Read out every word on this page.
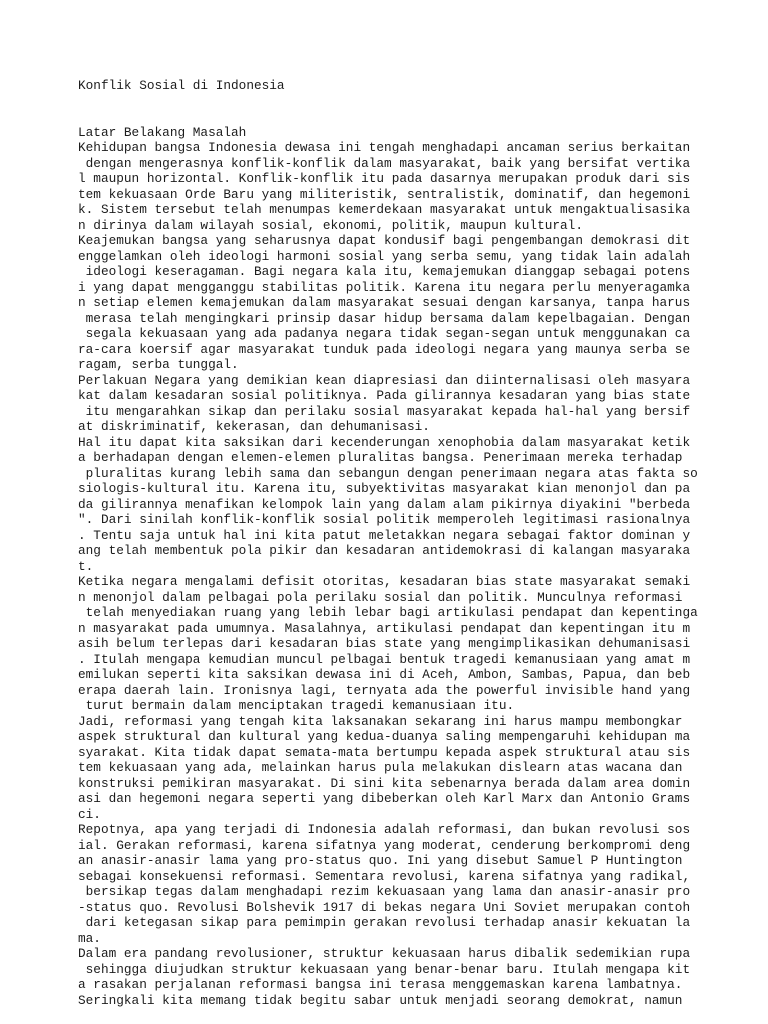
Konflik Sosial di Indonesia
Latar Belakang Masalah
Kehidupan bangsa Indonesia dewasa ini tengah menghadapi ancaman serius berkaitan
dengan mengerasnya konflik-konflik dalam masyarakat, baik yang bersifat vertika
l maupun horizontal. Konflik-konflik itu pada dasarnya merupakan produk dari sis
tem kekuasaan Orde Baru yang militeristik, sentralistik, dominatif, dan hegemoni
k. Sistem tersebut telah menumpas kemerdekaan masyarakat untuk mengaktualisasika
n dirinya dalam wilayah sosial, ekonomi, politik, maupun kultural.
Keajemukan bangsa yang seharusnya dapat kondusif bagi pengembangan demokrasi dit
enggelamkan oleh ideologi harmoni sosial yang serba semu, yang tidak lain adalah
ideologi keseragaman. Bagi negara kala itu, kemajemukan dianggap sebagai potens
i yang dapat mengganggu stabilitas politik. Karena itu negara perlu menyeragamka
n setiap elemen kemajemukan dalam masyarakat sesuai dengan karsanya, tanpa harus
merasa telah mengingkari prinsip dasar hidup bersama dalam kepelbagaian. Dengan
segala kekuasaan yang ada padanya negara tidak segan-segan untuk menggunakan ca
ra-cara koersif agar masyarakat tunduk pada ideologi negara yang maunya serba se
ragam, serba tunggal.
Perlakuan Negara yang demikian kean diapresiasi dan diinternalisasi oleh masyara
kat dalam kesadaran sosial politiknya. Pada gilirannya kesadaran yang bias state
itu mengarahkan sikap dan perilaku sosial masyarakat kepada hal-hal yang bersif
at diskriminatif, kekerasan, dan dehumanisasi.
Hal itu dapat kita saksikan dari kecenderungan xenophobia dalam masyarakat ketik
a berhadapan dengan elemen-elemen pluralitas bangsa. Penerimaan mereka terhadap
pluralitas kurang lebih sama dan sebangun dengan penerimaan negara atas fakta so
siologis-kultural itu. Karena itu, subyektivitas masyarakat kian menonjol dan pa
da gilirannya menafikan kelompok lain yang dalam alam pikirnya diyakini "berbeda
". Dari sinilah konflik-konflik sosial politik memperoleh legitimasi rasionalnya
. Tentu saja untuk hal ini kita patut meletakkan negara sebagai faktor dominan y
ang telah membentuk pola pikir dan kesadaran antidemokrasi di kalangan masyaraka
t.
Ketika negara mengalami defisit otoritas, kesadaran bias state masyarakat semaki
n menonjol dalam pelbagai pola perilaku sosial dan politik. Munculnya reformasi
telah menyediakan ruang yang lebih lebar bagi artikulasi pendapat dan kepentinga
n masyarakat pada umumnya. Masalahnya, artikulasi pendapat dan kepentingan itu m
asih belum terlepas dari kesadaran bias state yang mengimplikasikan dehumanisasi
. Itulah mengapa kemudian muncul pelbagai bentuk tragedi kemanusiaan yang amat m
emilukan seperti kita saksikan dewasa ini di Aceh, Ambon, Sambas, Papua, dan beb
erapa daerah lain. Ironisnya lagi, ternyata ada the powerful invisible hand yang
turut bermain dalam menciptakan tragedi kemanusiaan itu.
Jadi, reformasi yang tengah kita laksanakan sekarang ini harus mampu membongkar
aspek struktural dan kultural yang kedua-duanya saling mempengaruhi kehidupan ma
syarakat. Kita tidak dapat semata-mata bertumpu kepada aspek struktural atau sis
tem kekuasaan yang ada, melainkan harus pula melakukan dislearn atas wacana dan
konstruksi pemikiran masyarakat. Di sini kita sebenarnya berada dalam area domin
asi dan hegemoni negara seperti yang dibeberkan oleh Karl Marx dan Antonio Grams
ci.
Repotnya, apa yang terjadi di Indonesia adalah reformasi, dan bukan revolusi sos
ial. Gerakan reformasi, karena sifatnya yang moderat, cenderung berkompromi deng
an anasir-anasir lama yang pro-status quo. Ini yang disebut Samuel P Huntington
sebagai konsekuensi reformasi. Sementara revolusi, karena sifatnya yang radikal,
bersikap tegas dalam menghadapi rezim kekuasaan yang lama dan anasir-anasir pro
-status quo. Revolusi Bolshevik 1917 di bekas negara Uni Soviet merupakan contoh
dari ketegasan sikap para pemimpin gerakan revolusi terhadap anasir kekuatan la
ma.
Dalam era pandang revolusioner, struktur kekuasaan harus dibalik sedemikian rupa
sehingga diujudkan struktur kekuasaan yang benar-benar baru. Itulah mengapa kit
a rasakan perjalanan reformasi bangsa ini terasa menggemaskan karena lambatnya.
Seringkali kita memang tidak begitu sabar untuk menjadi seorang demokrat, namun
